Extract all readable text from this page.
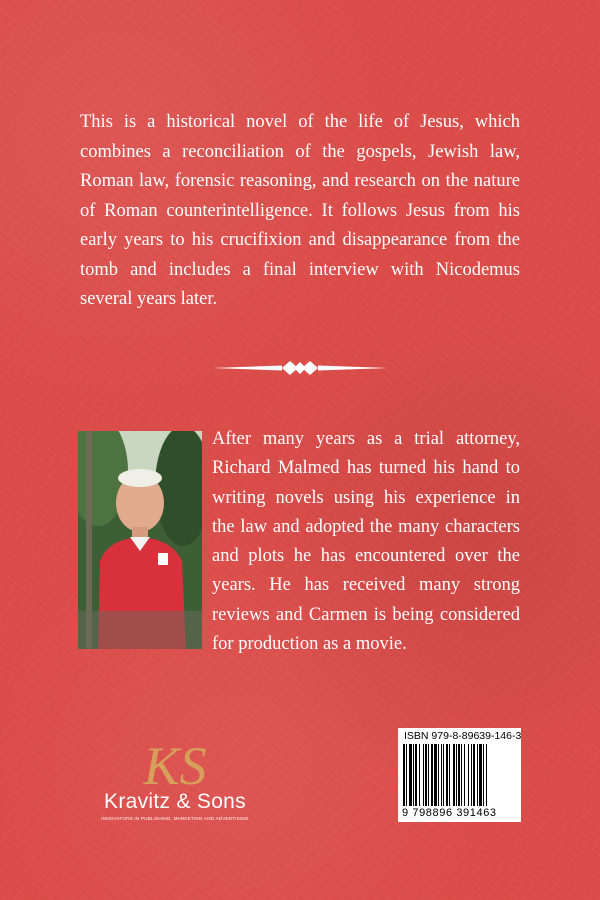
This is a historical novel of the life of Jesus, which combines a reconciliation of the gospels, Jewish law, Roman law, forensic reasoning, and research on the nature of Roman counterintelligence. It follows Jesus from his early years to his crucifixion and disappearance from the tomb and includes a final interview with Nicodemus several years later.

After many years as a trial attorney, Richard Malmed has turned his hand to writing novels using his experience in the law and adopted the many characters and plots he has encountered over the years. He has received many strong reviews and Carmen is being considered for production as a movie.

KS
Kravitz & Sons
INNOVATORS IN PUBLISHING, MARKETING AND ADVERTISING
ISBN 979-8-89639-146-3
9 798896 391463
